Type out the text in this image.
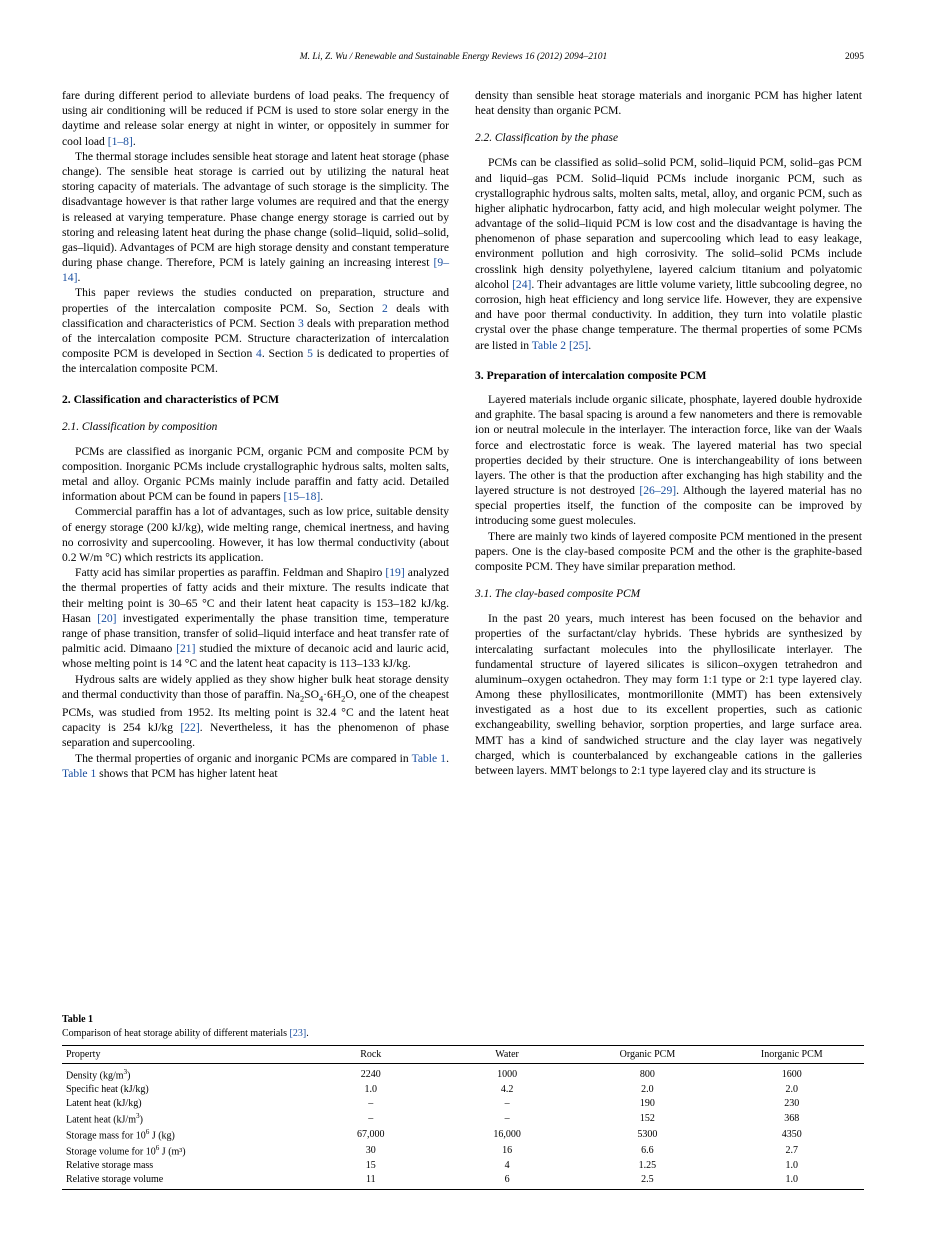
M. Li, Z. Wu / Renewable and Sustainable Energy Reviews 16 (2012) 2094–2101	2095

fare during different period to alleviate burdens of load peaks. The frequency of using air conditioning will be reduced if PCM is used to store solar energy in the daytime and release solar energy at night in winter, or oppositely in summer for cool load [1–8].

The thermal storage includes sensible heat storage and latent heat storage (phase change). The sensible heat storage is carried out by utilizing the natural heat storing capacity of materials. The advantage of such storage is the simplicity. The disadvantage however is that rather large volumes are required and that the energy is released at varying temperature. Phase change energy storage is carried out by storing and releasing latent heat during the phase change (solid–liquid, solid–solid, gas–liquid). Advantages of PCM are high storage density and constant temperature during phase change. Therefore, PCM is lately gaining an increasing interest [9–14].

This paper reviews the studies conducted on preparation, structure and properties of the intercalation composite PCM. So, Section 2 deals with classification and characteristics of PCM. Section 3 deals with preparation method of the intercalation composite PCM. Structure characterization of intercalation composite PCM is developed in Section 4. Section 5 is dedicated to properties of the intercalation composite PCM.

2. Classification and characteristics of PCM
2.1. Classification by composition

PCMs are classified as inorganic PCM, organic PCM and composite PCM by composition. Inorganic PCMs include crystallographic hydrous salts, molten salts, metal and alloy. Organic PCMs mainly include paraffin and fatty acid. Detailed information about PCM can be found in papers [15–18].

Commercial paraffin has a lot of advantages, such as low price, suitable density of energy storage (200 kJ/kg), wide melting range, chemical inertness, and having no corrosivity and supercooling. However, it has low thermal conductivity (about 0.2 W/m °C) which restricts its application.

Fatty acid has similar properties as paraffin. Feldman and Shapiro [19] analyzed the thermal properties of fatty acids and their mixture. The results indicate that their melting point is 30–65 °C and their latent heat capacity is 153–182 kJ/kg. Hasan [20] investigated experimentally the phase transition time, temperature range of phase transition, transfer of solid–liquid interface and heat transfer rate of palmitic acid. Dimaano [21] studied the mixture of decanoic acid and lauric acid, whose melting point is 14 °C and the latent heat capacity is 113–133 kJ/kg.

Hydrous salts are widely applied as they show higher bulk heat storage density and thermal conductivity than those of paraffin. $Na_2SO_4\cdot 6H_2O$, one of the cheapest PCMs, was studied from 1952. Its melting point is 32.4 °C and the latent heat capacity is 254 kJ/kg [22]. Nevertheless, it has the phenomenon of phase separation and supercooling.

The thermal properties of organic and inorganic PCMs are compared in Table 1. Table 1 shows that PCM has higher latent heat

density than sensible heat storage materials and inorganic PCM has higher latent heat density than organic PCM.

2.2. Classification by the phase

PCMs can be classified as solid–solid PCM, solid–liquid PCM, solid–gas PCM and liquid–gas PCM. Solid–liquid PCMs include inorganic PCM, such as crystallographic hydrous salts, molten salts, metal, alloy, and organic PCM, such as higher aliphatic hydrocarbon, fatty acid, and high molecular weight polymer. The advantage of the solid–liquid PCM is low cost and the disadvantage is having the phenomenon of phase separation and supercooling which lead to easy leakage, environment pollution and high corrosivity. The solid–solid PCMs include crosslink high density polyethylene, layered calcium titanium and polyatomic alcohol [24]. Their advantages are little volume variety, little subcooling degree, no corrosion, high heat efficiency and long service life. However, they are expensive and have poor thermal conductivity. In addition, they turn into volatile plastic crystal over the phase change temperature. The thermal properties of some PCMs are listed in Table 2 [25].

3. Preparation of intercalation composite PCM

Layered materials include organic silicate, phosphate, layered double hydroxide and graphite. The basal spacing is around a few nanometers and there is removable ion or neutral molecule in the interlayer. The interaction force, like van der Waals force and electrostatic force is weak. The layered material has two special properties decided by their structure. One is interchangeability of ions between layers. The other is that the production after exchanging has high stability and the layered structure is not destroyed [26–29]. Although the layered material has no special properties itself, the function of the composite can be improved by introducing some guest molecules.

There are mainly two kinds of layered composite PCM mentioned in the present papers. One is the clay-based composite PCM and the other is the graphite-based composite PCM. They have similar preparation method.

3.1. The clay-based composite PCM

In the past 20 years, much interest has been focused on the behavior and properties of the surfactant/clay hybrids. These hybrids are synthesized by intercalating surfactant molecules into the phyllosilicate interlayer. The fundamental structure of layered silicates is silicon–oxygen tetrahedron and aluminum–oxygen octahedron. They may form 1:1 type or 2:1 type layered clay. Among these phyllosilicates, montmorillonite (MMT) has been extensively investigated as a host due to its excellent properties, such as cationic exchangeability, swelling behavior, sorption properties, and large surface area. MMT has a kind of sandwiched structure and the clay layer was negatively charged, which is counterbalanced by exchangeable cations in the galleries between layers. MMT belongs to 2:1 type layered clay and its structure is

Table 1
Comparison of heat storage ability of different materials [23].
Property	Rock	Water	Organic PCM	Inorganic PCM
Density $(kg/m^3)$	2240	1000	800	1600
Specific heat (kJ/kg)	1.0	4.2	2.0	2.0
Latent heat (kJ/kg)	–	–	190	230
Latent heat $(kJ/m^3)$	–	–	152	368
Storage mass for $10^6$ J (kg)	67,000	16,000	5300	4350
Storage volume for $10^6$ J (m³)	30	16	6.6	2.7
Relative storage mass	15	4	1.25	1.0
Relative storage volume	11	6	2.5	1.0
